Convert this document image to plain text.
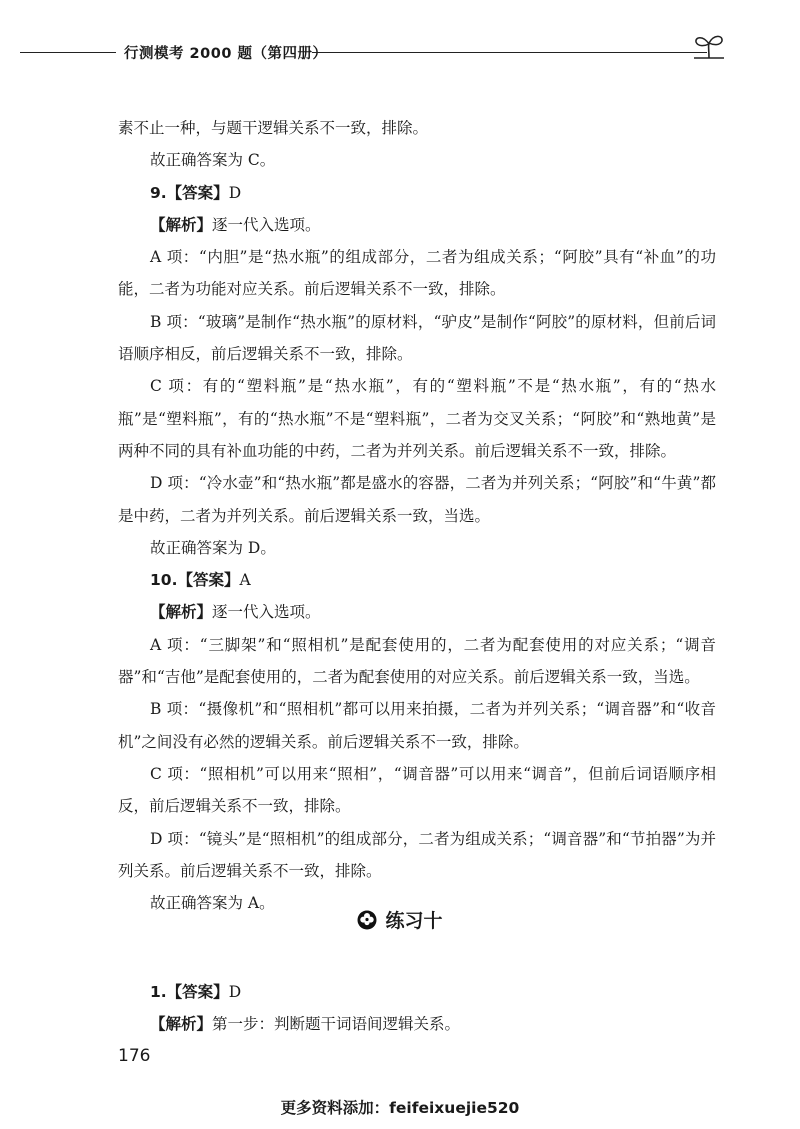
行测模考 2000 题（第四册）

素不止一种，与题干逻辑关系不一致，排除。

故正确答案为 C。

9.【答案】D

【解析】逐一代入选项。

A 项：“内胆”是“热水瓶”的组成部分，二者为组成关系；“阿胶”具有“补血”的功能，二者为功能对应关系。前后逻辑关系不一致，排除。

B 项：“玻璃”是制作“热水瓶”的原材料，“驴皮”是制作“阿胶”的原材料，但前后词语顺序相反，前后逻辑关系不一致，排除。

C 项：有的“塑料瓶”是“热水瓶”，有的“塑料瓶”不是“热水瓶”，有的“热水瓶”是“塑料瓶”，有的“热水瓶”不是“塑料瓶”，二者为交叉关系；“阿胶”和“熟地黄”是两种不同的具有补血功能的中药，二者为并列关系。前后逻辑关系不一致，排除。

D 项：“冷水壶”和“热水瓶”都是盛水的容器，二者为并列关系；“阿胶”和“牛黄”都是中药，二者为并列关系。前后逻辑关系一致，当选。

故正确答案为 D。

10.【答案】A

【解析】逐一代入选项。

A 项：“三脚架”和“照相机”是配套使用的，二者为配套使用的对应关系；“调音器”和“吉他”是配套使用的，二者为配套使用的对应关系。前后逻辑关系一致，当选。

B 项：“摄像机”和“照相机”都可以用来拍摄，二者为并列关系；“调音器”和“收音机”之间没有必然的逻辑关系。前后逻辑关系不一致，排除。

C 项：“照相机”可以用来“照相”，“调音器”可以用来“调音”，但前后词语顺序相反，前后逻辑关系不一致，排除。

D 项：“镜头”是“照相机”的组成部分，二者为组成关系；“调音器”和“节拍器”为并列关系。前后逻辑关系不一致，排除。

故正确答案为 A。

练习十

1.【答案】D

【解析】第一步：判断题干词语间逻辑关系。

176
更多资料添加：feifeixuejie520
